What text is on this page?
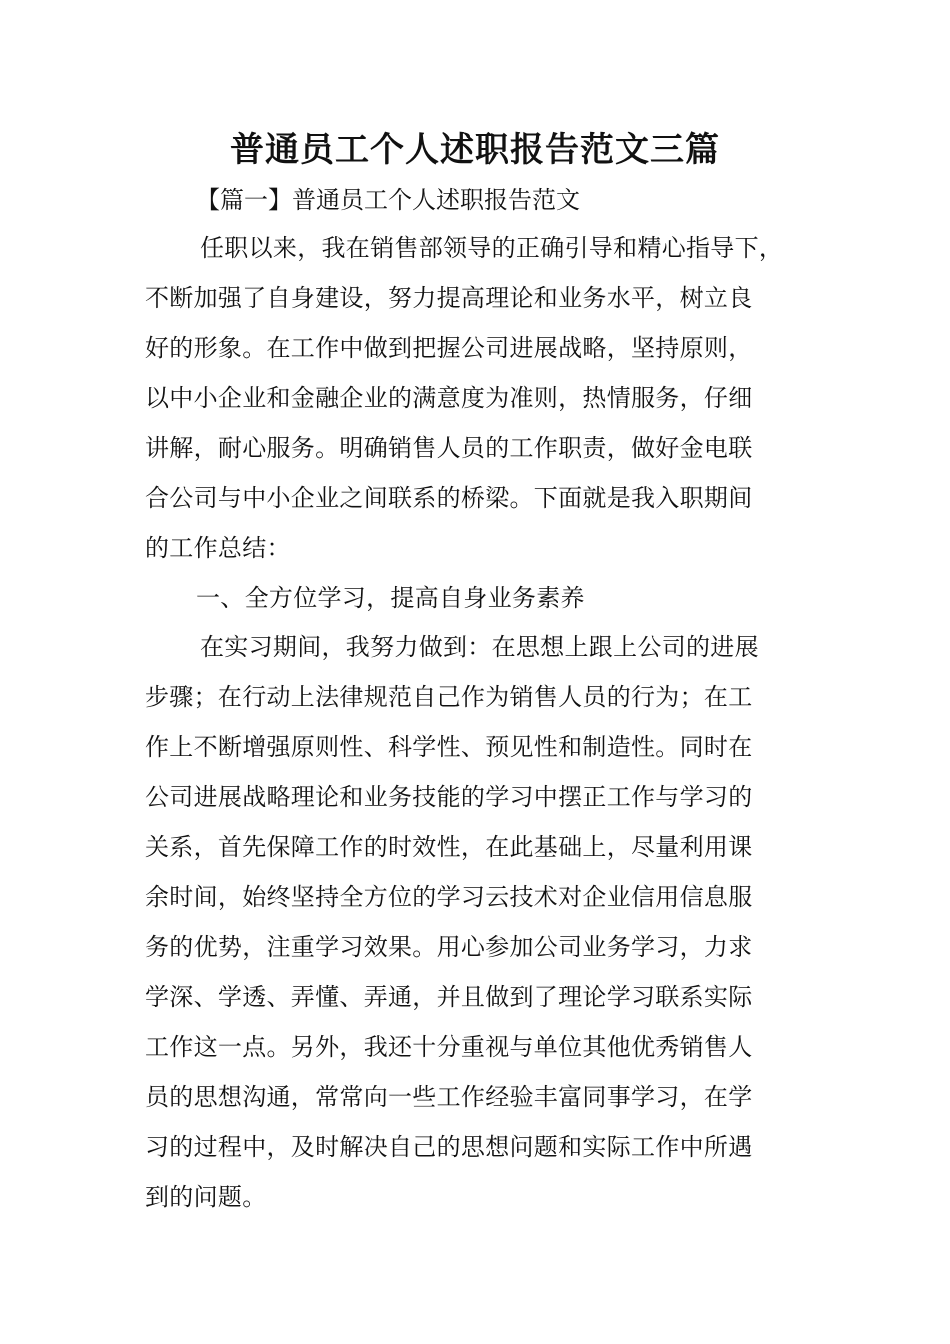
普通员工个人述职报告范文三篇
【篇一】普通员工个人述职报告范文
任职以来，我在销售部领导的正确引导和精心指导下，
不断加强了自身建设，努力提高理论和业务水平，树立良
好的形象。在工作中做到把握公司进展战略，坚持原则，
以中小企业和金融企业的满意度为准则，热情服务，仔细
讲解，耐心服务。明确销售人员的工作职责，做好金电联
合公司与中小企业之间联系的桥梁。下面就是我入职期间
的工作总结：
一、全方位学习，提高自身业务素养
在实习期间，我努力做到：在思想上跟上公司的进展
步骤；在行动上法律规范自己作为销售人员的行为；在工
作上不断增强原则性、科学性、预见性和制造性。同时在
公司进展战略理论和业务技能的学习中摆正工作与学习的
关系，首先保障工作的时效性，在此基础上，尽量利用课
余时间，始终坚持全方位的学习云技术对企业信用信息服
务的优势，注重学习效果。用心参加公司业务学习，力求
学深、学透、弄懂、弄通，并且做到了理论学习联系实际
工作这一点。另外，我还十分重视与单位其他优秀销售人
员的思想沟通，常常向一些工作经验丰富同事学习，在学
习的过程中，及时解决自己的思想问题和实际工作中所遇
到的问题。
